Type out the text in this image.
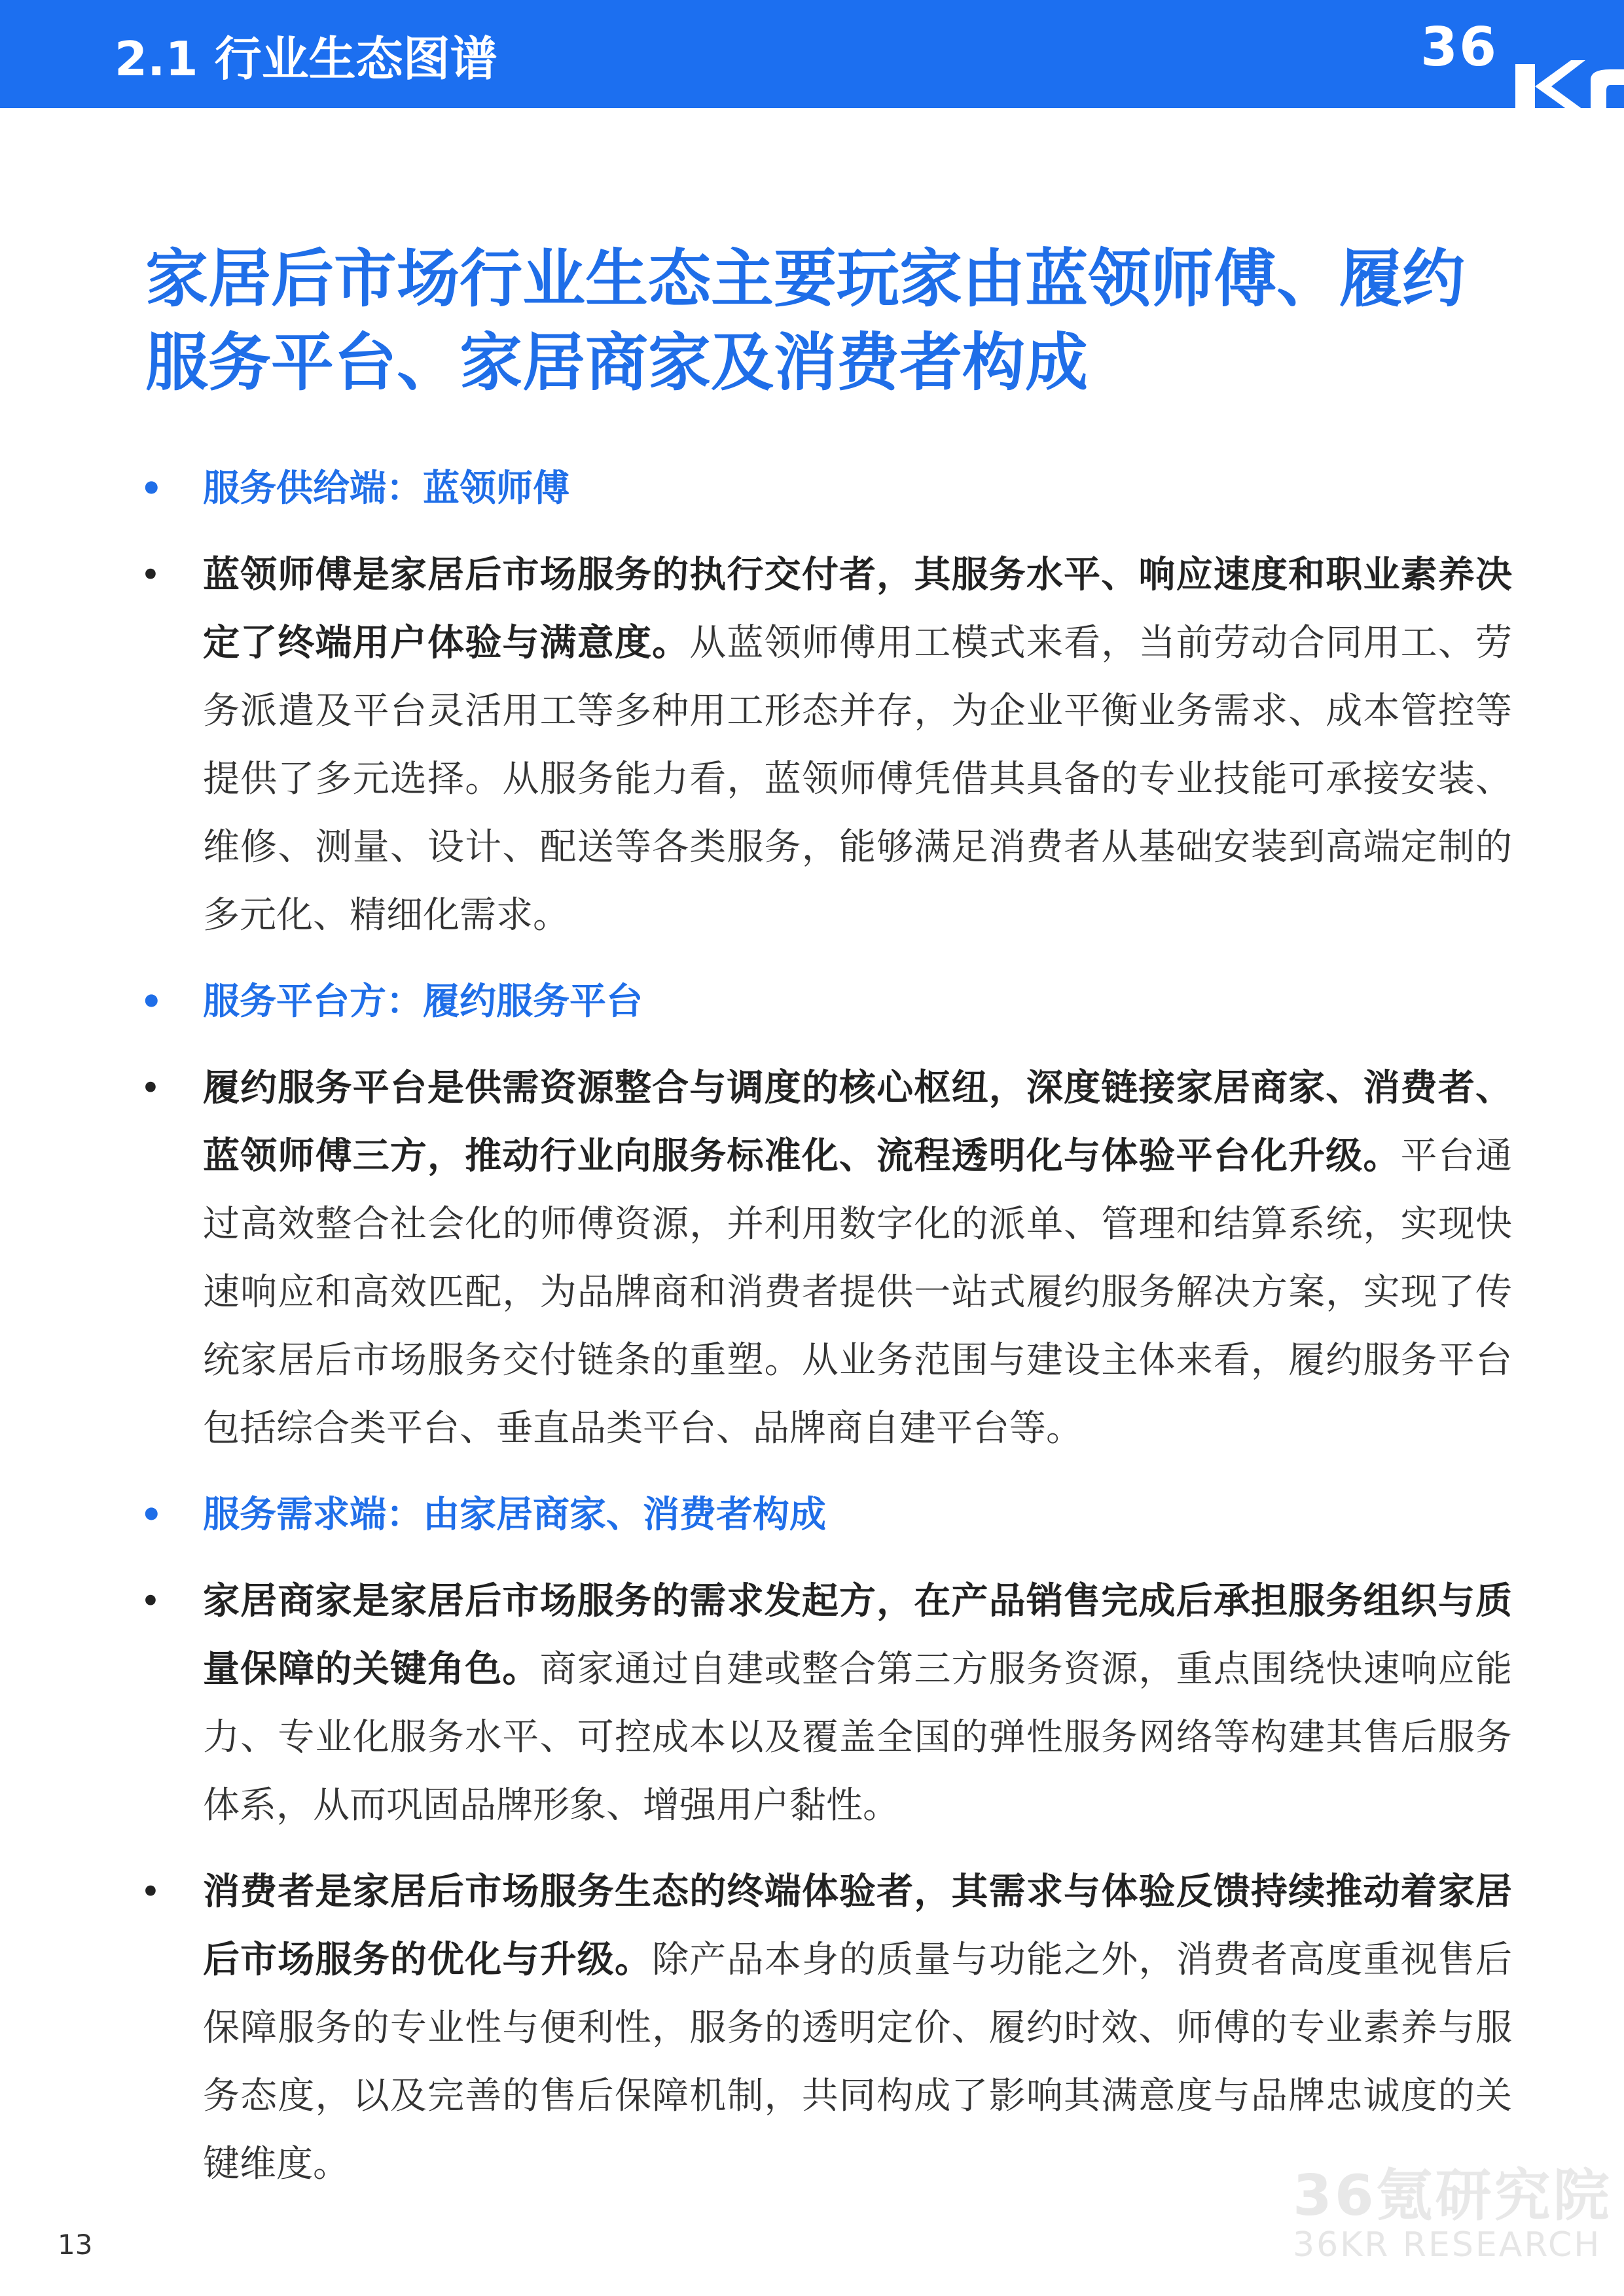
2.1 行业生态图谱	36
家居后市场行业生态主要玩家由蓝领师傅、履约服务平台、家居商家及消费者构成
• 服务供给端：蓝领师傅
• 蓝领师傅是家居后市场服务的执行交付者，其服务水平、响应速度和职业素养决定了终端用户体验与满意度。从蓝领师傅用工模式来看，当前劳动合同用工、劳务派遣及平台灵活用工等多种用工形态并存，为企业平衡业务需求、成本管控等提供了多元选择。从服务能力看，蓝领师傅凭借其具备的专业技能可承接安装、维修、测量、设计、配送等各类服务，能够满足消费者从基础安装到高端定制的多元化、精细化需求。
• 服务平台方：履约服务平台
• 履约服务平台是供需资源整合与调度的核心枢纽，深度链接家居商家、消费者、蓝领师傅三方，推动行业向服务标准化、流程透明化与体验平台化升级。平台通过高效整合社会化的师傅资源，并利用数字化的派单、管理和结算系统，实现快速响应和高效匹配，为品牌商和消费者提供一站式履约服务解决方案，实现了传统家居后市场服务交付链条的重塑。从业务范围与建设主体来看，履约服务平台包括综合类平台、垂直品类平台、品牌商自建平台等。
• 服务需求端：由家居商家、消费者构成
• 家居商家是家居后市场服务的需求发起方，在产品销售完成后承担服务组织与质量保障的关键角色。商家通过自建或整合第三方服务资源，重点围绕快速响应能力、专业化服务水平、可控成本以及覆盖全国的弹性服务网络等构建其售后服务体系，从而巩固品牌形象、增强用户黏性。
• 消费者是家居后市场服务生态的终端体验者，其需求与体验反馈持续推动着家居后市场服务的优化与升级。除产品本身的质量与功能之外，消费者高度重视售后保障服务的专业性与便利性，服务的透明定价、履约时效、师傅的专业素养与服务态度，以及完善的售后保障机制，共同构成了影响其满意度与品牌忠诚度的关键维度。
13
36氪研究院
36KR RESEARCH
